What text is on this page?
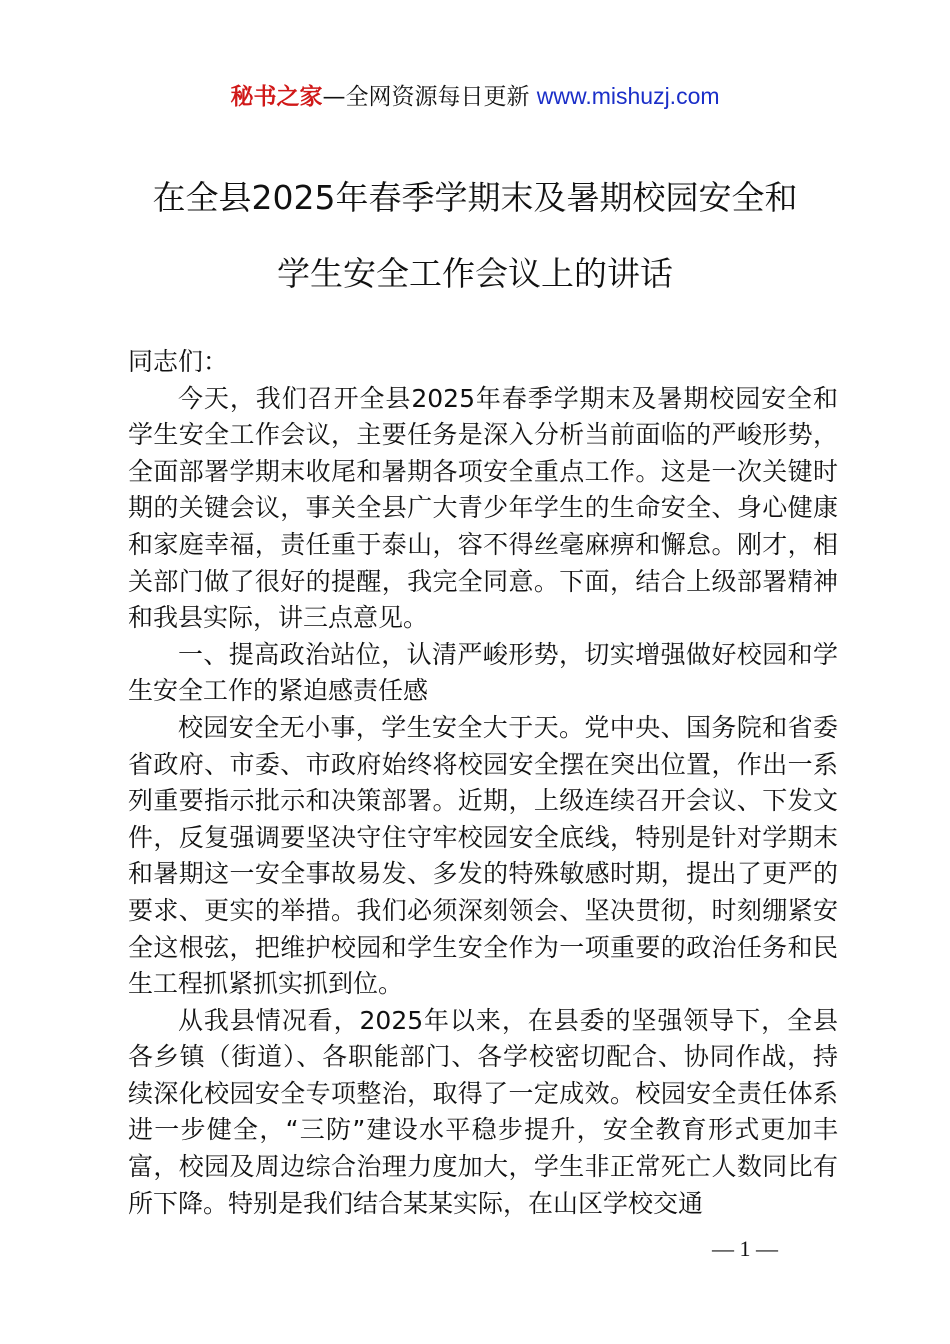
秘书之家—全网资源每日更新 www.mishuzj.com
在全县2025年春季学期末及暑期校园安全和
学生安全工作会议上的讲话

同志们：

今天，我们召开全县2025年春季学期末及暑期校园安全和学生安全工作会议，主要任务是深入分析当前面临的严峻形势，全面部署学期末收尾和暑期各项安全重点工作。这是一次关键时期的关键会议，事关全县广大青少年学生的生命安全、身心健康和家庭幸福，责任重于泰山，容不得丝毫麻痹和懈怠。刚才，相关部门做了很好的提醒，我完全同意。下面，结合上级部署精神和我县实际，讲三点意见。

一、提高政治站位，认清严峻形势，切实增强做好校园和学生安全工作的紧迫感责任感

校园安全无小事，学生安全大于天。党中央、国务院和省委省政府、市委、市政府始终将校园安全摆在突出位置，作出一系列重要指示批示和决策部署。近期，上级连续召开会议、下发文件，反复强调要坚决守住守牢校园安全底线，特别是针对学期末和暑期这一安全事故易发、多发的特殊敏感时期，提出了更严的要求、更实的举措。我们必须深刻领会、坚决贯彻，时刻绷紧安全这根弦，把维护校园和学生安全作为一项重要的政治任务和民生工程抓紧抓实抓到位。

从我县情况看，2025年以来，在县委的坚强领导下，全县各乡镇（街道）、各职能部门、各学校密切配合、协同作战，持续深化校园安全专项整治，取得了一定成效。校园安全责任体系进一步健全，“三防”建设水平稳步提升，安全教育形式更加丰富，校园及周边综合治理力度加大，学生非正常死亡人数同比有所下降。特别是我们结合某某实际，在山区学校交通

— 1 —
